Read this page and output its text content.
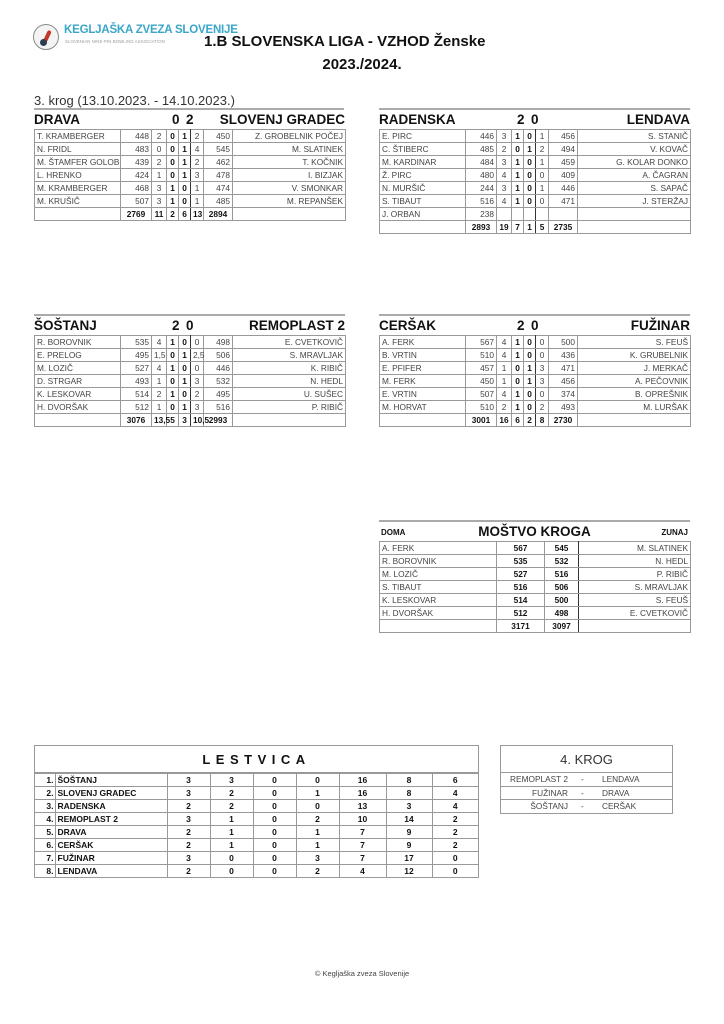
KEGLJAŠKA ZVEZA SLOVENIJE
SLOVENIAN NINE-PIN BOWLING ASSOCIATION	1.B SLOVENSKA LIGA - VZHOD Ženske
2023./2024.
3. krog (13.10.2023. - 14.10.2023.)
DRAVA	0 2 SLOVENJ GRADEC
T. KRAMBERGER	448	2	0	1	2	450	Z. GROBELNIK POČEJ
N. FRIDL	483	0	0	1	4	545	M. SLATINEK
M. ŠTAMFER GOLOB	439	2	0	1	2	462	T. KOČNIK
L. HRENKO	424	1	0	1	3	478	I. BIZJAK
M. KRAMBERGER	468	3	1	0	1	474	V. SMONKAR
M. KRUŠIČ	507	3	1	0	1	485	M. REPANŠEK
	2769	11	2	6	13	2894	
RADENSKA	2 0	LENDAVA
E. PIRC	446	3	1	0	1	456	S. STANIČ
C. ŠTIBERC	485	2	0	1	2	494	V. KOVAČ
M. KARDINAR	484	3	1	0	1	459	G. KOLAR DONKO
Ž. PIRC	480	4	1	0	0	409	A. ČAGRAN
N. MURŠIČ	244	3	1	0	1	446	S. SAPAČ
S. TIBAUT	516	4	1	0	0	471	J. STERŽAJ
J. ORBAN	238						
	2893	19	7	1	5	2735	
ŠOŠTANJ	2 0	REMOPLAST 2
R. BOROVNIK	535	4	1	0	0	498	E. CVETKOVIČ
E. PRELOG	495	1,5	0	1	2,5	506	S. MRAVLJAK
M. LOZIČ	527	4	1	0	0	446	K. RIBIČ
D. STRGAR	493	1	0	1	3	532	N. HEDL
K. LESKOVAR	514	2	1	0	2	495	U. SUŠEC
H. DVORŠAK	512	1	0	1	3	516	P. RIBIČ
	3076	13,5	5	3	10,5	2993	
CERŠAK	2 0	FUŽINAR
A. FERK	567	4	1	0	0	500	S. FEUŠ
B. VRTIN	510	4	1	0	0	436	K. GRUBELNIK
E. PFIFER	457	1	0	1	3	471	J. MERKAČ
M. FERK	450	1	0	1	3	456	A. PEČOVNIK
E. VRTIN	507	4	1	0	0	374	B. OPREŠNIK
M. HORVAT	510	2	1	0	2	493	M. LURŠAK
	3001	16	6	2	8	2730	
DOMA	MOŠTVO KROGA	ZUNAJ
A. FERK	567	545	M. SLATINEK
R. BOROVNIK	535	532	N. HEDL
M. LOZIČ	527	516	P. RIBIČ
S. TIBAUT	516	506	S. MRAVLJAK
K. LESKOVAR	514	500	S. FEUŠ
H. DVORŠAK	512	498	E. CVETKOVIČ
	3171	3097	
LESTVICA
1.	ŠOŠTANJ	3	3	0	0	16	8	6
2.	SLOVENJ GRADEC	3	2	0	1	16	8	4
3.	RADENSKA	2	2	0	0	13	3	4
4.	REMOPLAST 2	3	1	0	2	10	14	2
5.	DRAVA	2	1	0	1	7	9	2
6.	CERŠAK	2	1	0	1	7	9	2
7.	FUŽINAR	3	0	0	3	7	17	0
8.	LENDAVA	2	0	0	2	4	12	0
4. KROG
REMOPLAST 2 - LENDAVA
FUŽINAR - DRAVA
ŠOŠTANJ - CERŠAK
© Kegljaška zveza Slovenije
